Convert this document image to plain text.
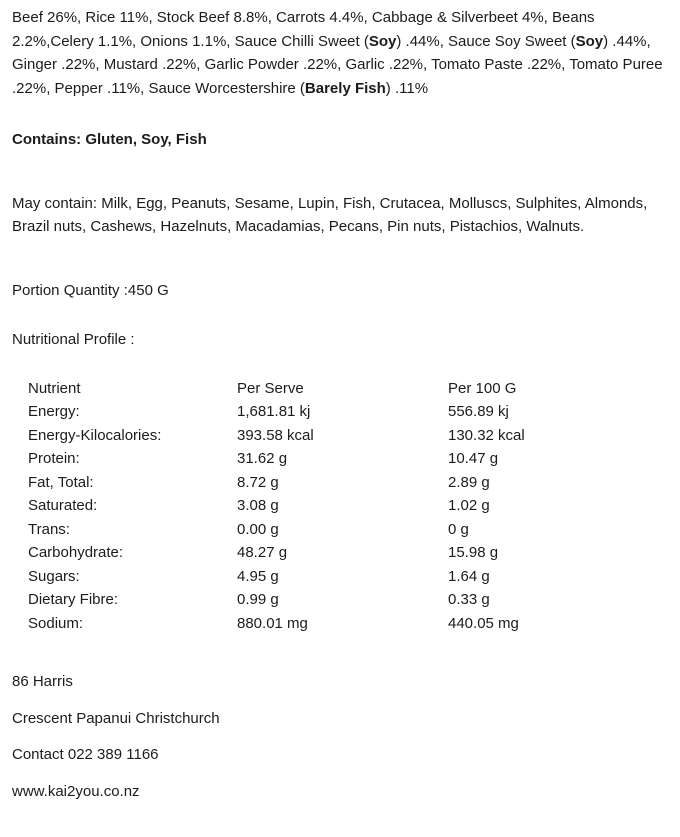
Beef 26%, Rice 11%, Stock Beef 8.8%, Carrots 4.4%, Cabbage & Silverbeet 4%, Beans 2.2%,Celery 1.1%, Onions 1.1%, Sauce Chilli Sweet (Soy) .44%, Sauce Soy Sweet (Soy) .44%, Ginger .22%, Mustard .22%, Garlic Powder .22%, Garlic .22%, Tomato Paste .22%, Tomato Puree .22%, Pepper .11%, Sauce Worcestershire (Barely Fish) .11%

Contains: Gluten, Soy, Fish

May contain: Milk, Egg, Peanuts, Sesame, Lupin, Fish, Crutacea, Molluscs, Sulphites, Almonds, Brazil nuts, Cashews, Hazelnuts, Macadamias, Pecans, Pin nuts, Pistachios, Walnuts.

Portion Quantity :450 G

Nutritional Profile :

Nutrient	Per Serve	Per 100 G
Energy:	1,681.81 kj	556.89 kj
Energy-Kilocalories:	393.58 kcal	130.32 kcal
Protein:	31.62 g	10.47 g
Fat, Total:	8.72 g	2.89 g
Saturated:	3.08 g	1.02 g
Trans:	0.00 g	0 g
Carbohydrate:	48.27 g	15.98 g
Sugars:	4.95 g	1.64 g
Dietary Fibre:	0.99 g	0.33 g
Sodium:	880.01 mg	440.05 mg

86 Harris

Crescent Papanui Christchurch

Contact 022 389 1166

www.kai2you.co.nz
